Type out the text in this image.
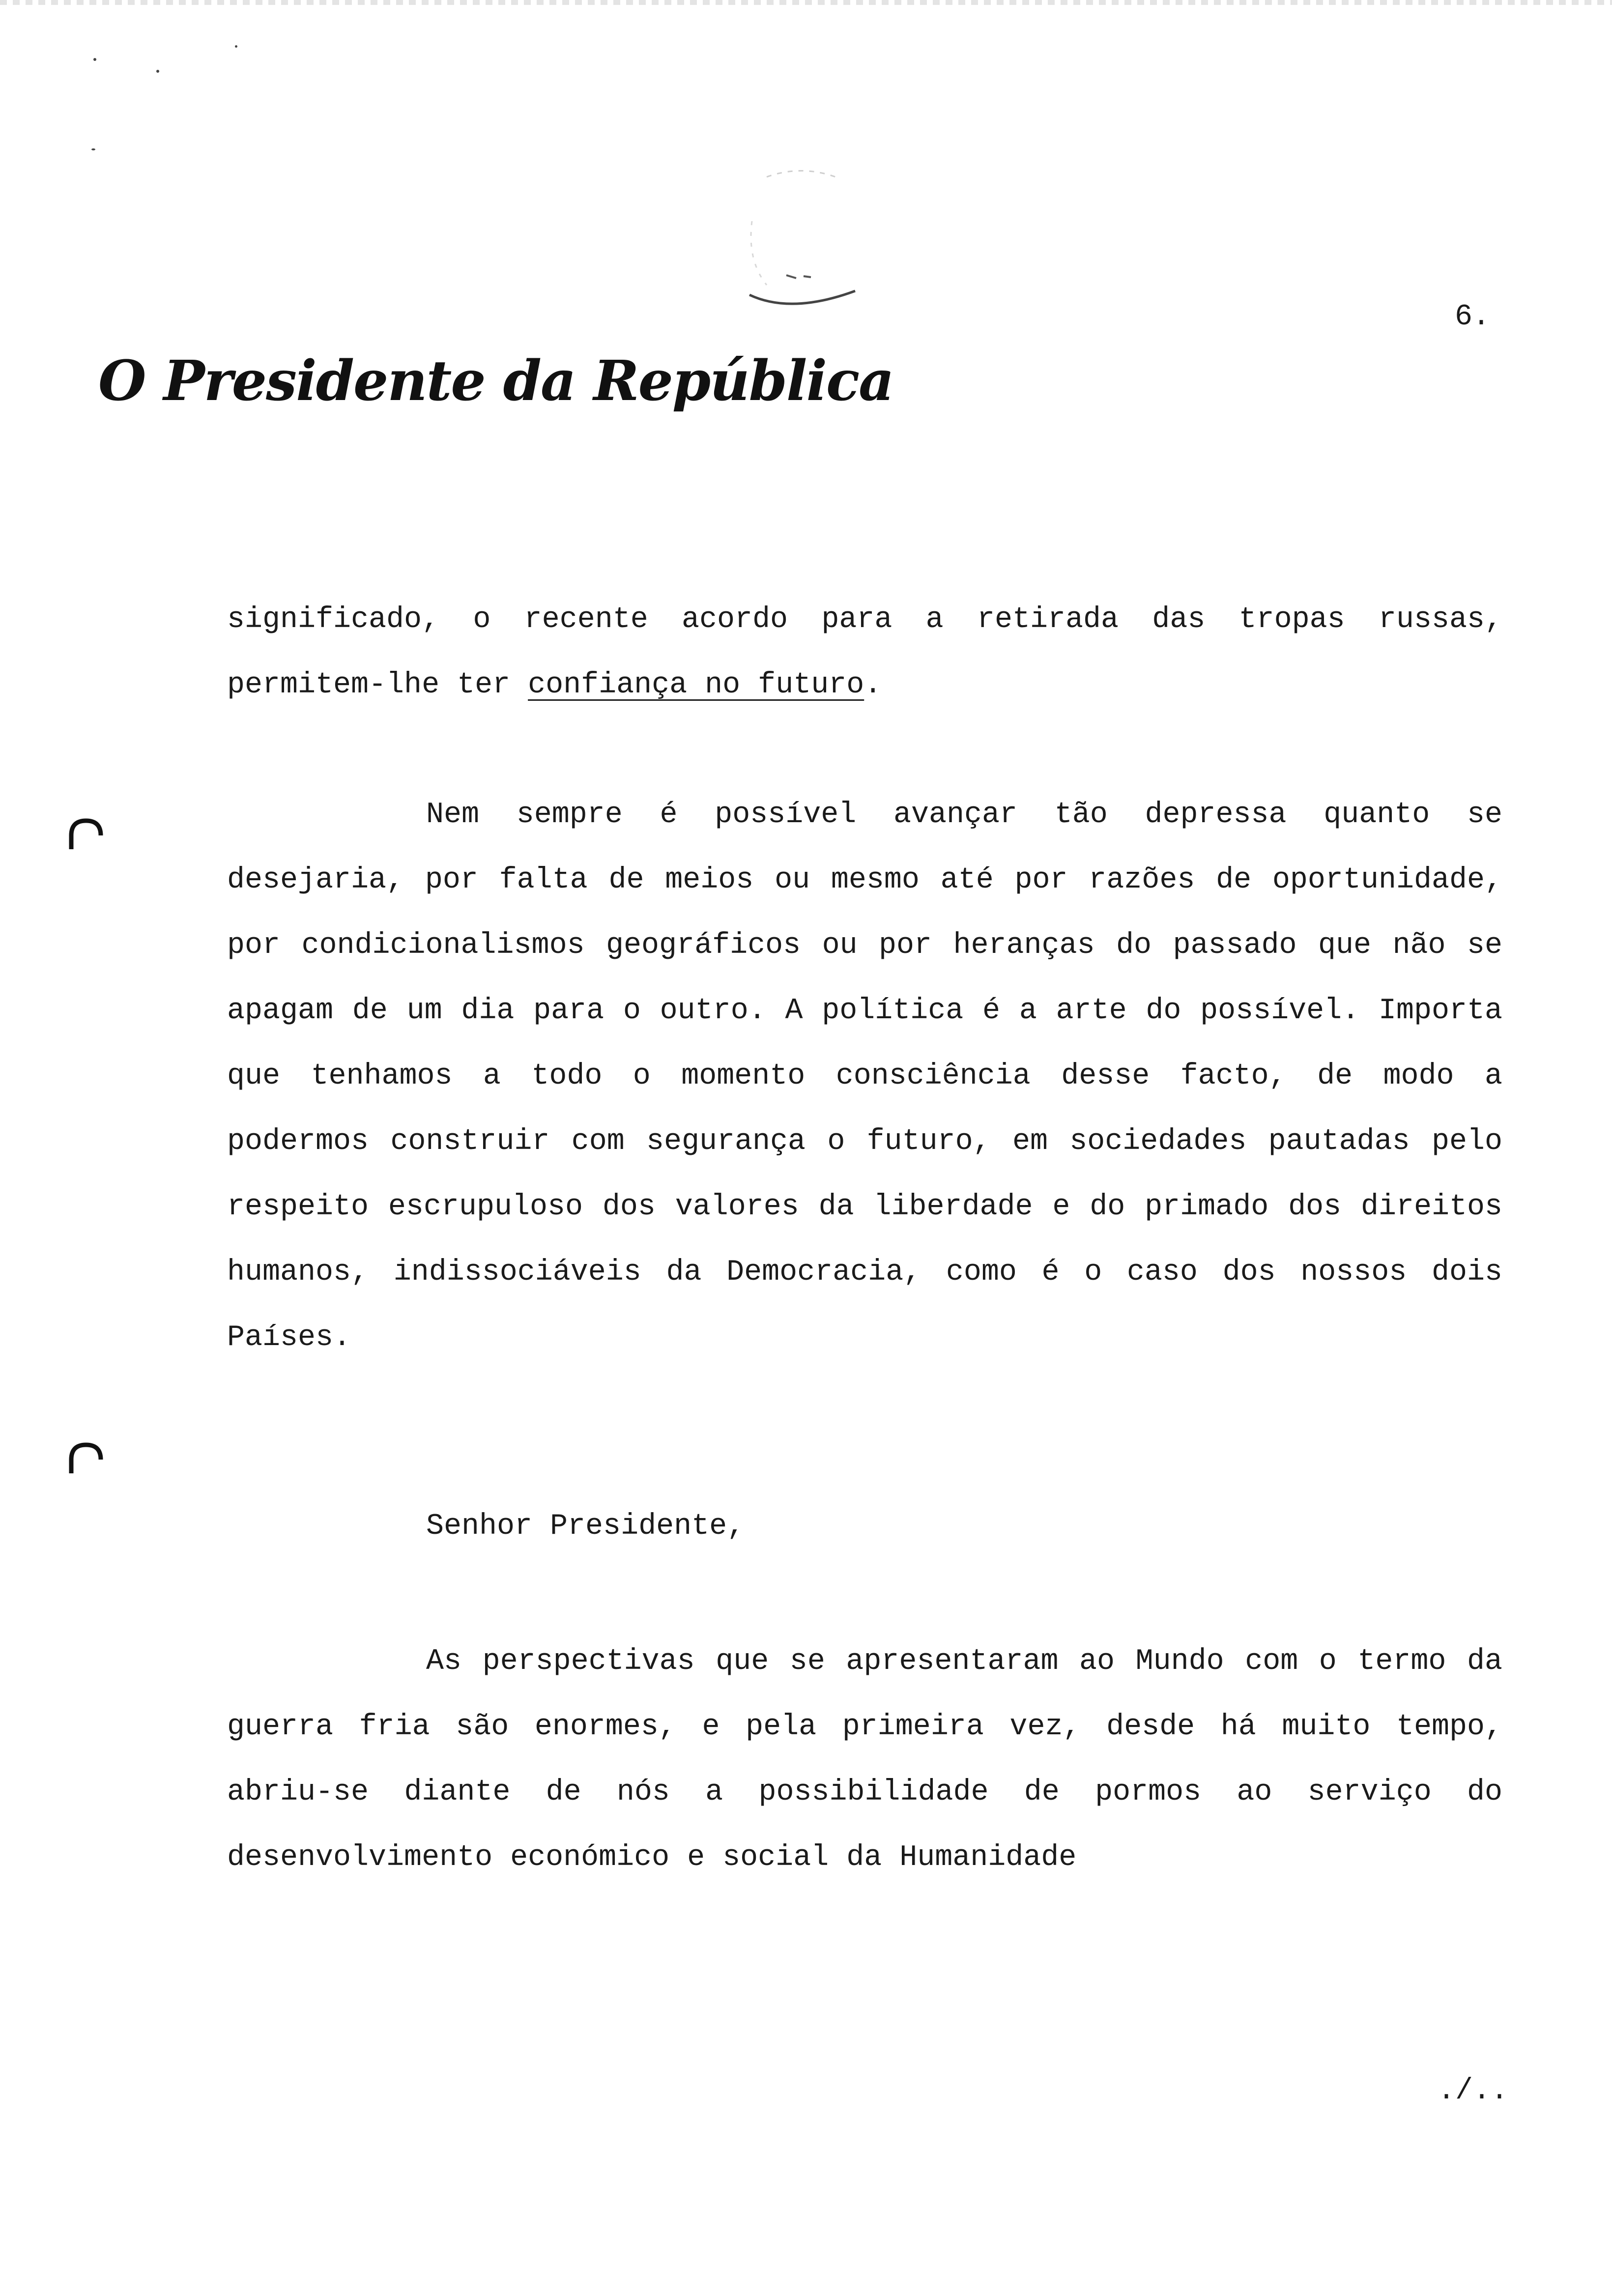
6.

O Presidente da República

significado, o recente acordo para a retirada das tropas russas, permitem-lhe ter confiança no futuro.

Nem sempre é possível avançar tão depressa quanto se desejaria, por falta de meios ou mesmo até por razões de oportunidade, por condicionalismos geográficos ou por heranças do passado que não se apagam de um dia para o outro. A política é a arte do possível. Importa que tenhamos a todo o momento consciência desse facto, de modo a podermos construir com segurança o futuro, em sociedades pautadas pelo respeito escrupuloso dos valores da liberdade e do primado dos direitos humanos, indissociáveis da Democracia, como é o caso dos nossos dois Países.

Senhor Presidente,

As perspectivas que se apresentaram ao Mundo com o termo da guerra fria são enormes, e pela primeira vez, desde há muito tempo, abriu-se diante de nós a possibilidade de pormos ao serviço do desenvolvimento económico e social da Humanidade

./..
